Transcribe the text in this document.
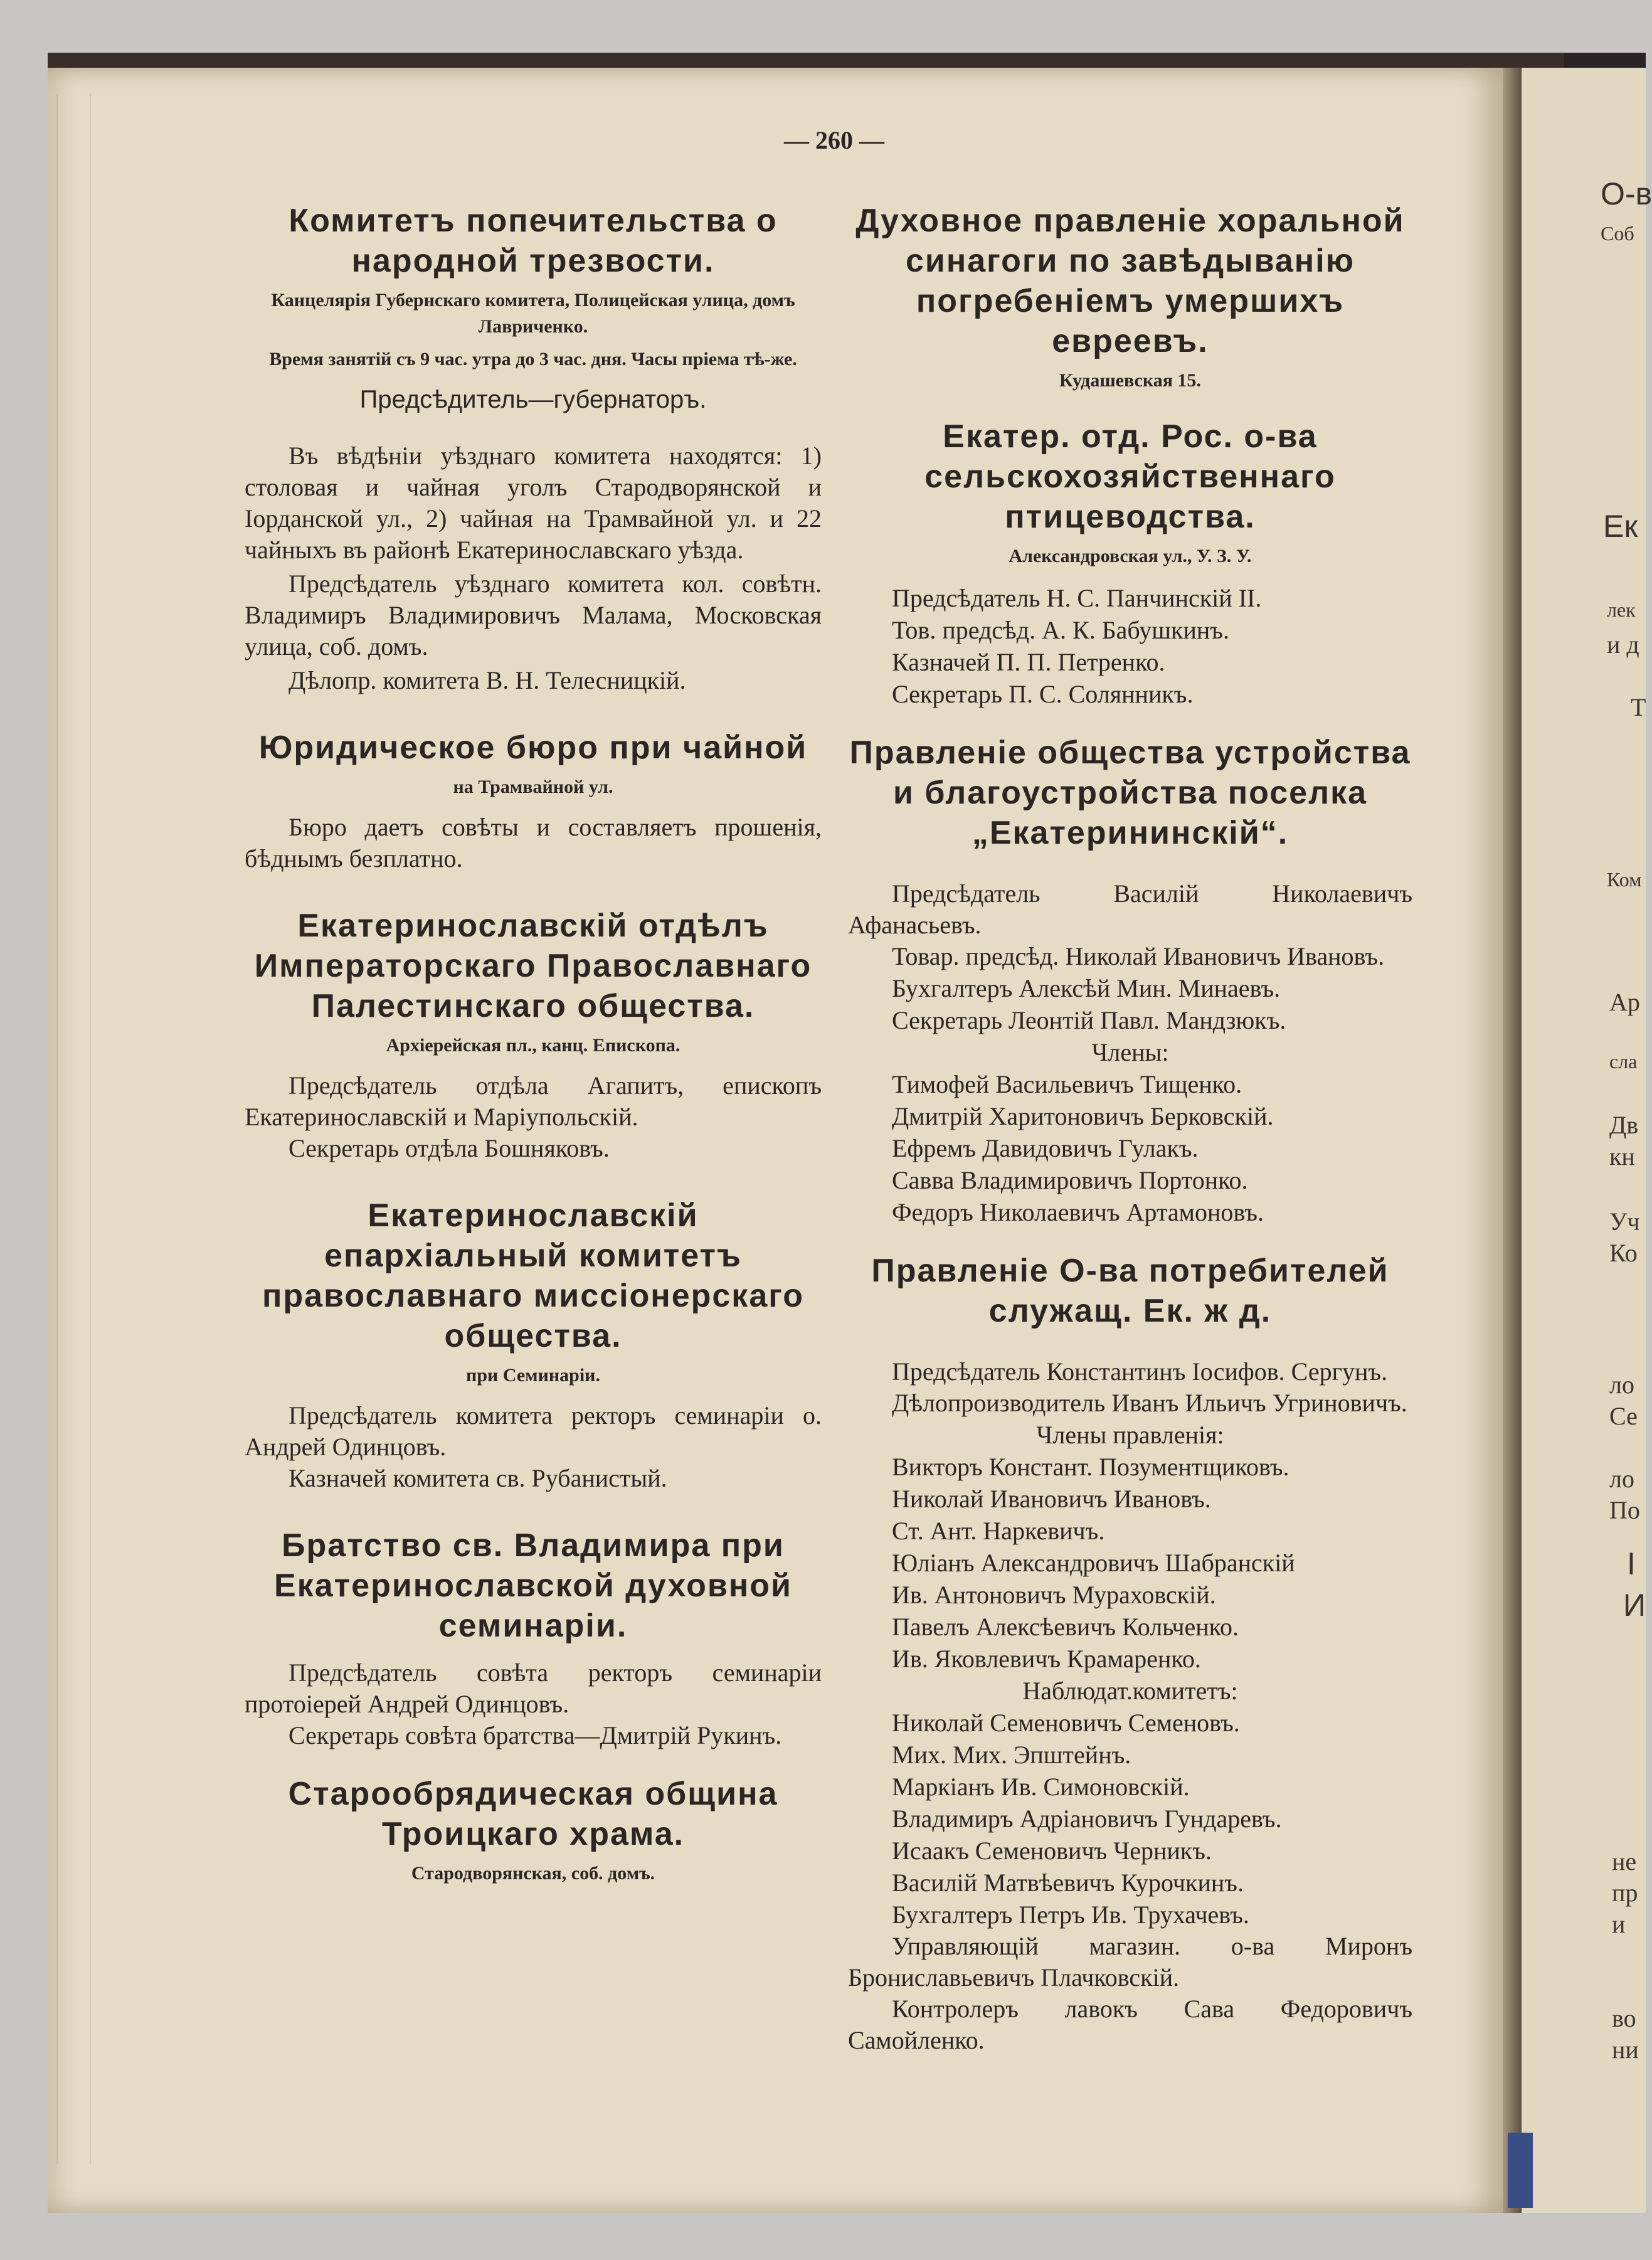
— 260 —
Комитетъ попечительства о народной трезвости.

Канцелярія Губернскаго комитета, Полицейская улица, домъ Лавриченко.

Время занятій съ 9 час. утра до 3 час. дня. Часы пріема тѣ-же.

Предсѣдитель—губернаторъ.

Въ вѣдѣніи уѣзднаго комитета находятся: 1) столовая и чайная уголъ Стародворянской и Іорданской ул., 2) чайная на Трамвайной ул. и 22 чайныхъ въ районѣ Екатеринославскаго уѣзда.

Предсѣдатель уѣзднаго комитета кол. совѣтн. Владимиръ Владимировичъ Малама, Московская улица, соб. домъ.

Дѣлопр. комитета В. Н. Телесницкій.

Юридическое бюро при чайной

на Трамвайной ул.

Бюро даетъ совѣты и составляетъ прошенія, бѣднымъ безплатно.

Екатеринославскій отдѣлъ Императорскаго Православнаго Палестинскаго общества.

Архіерейская пл., канц. Епископа.

Предсѣдатель отдѣла Агапитъ, епископъ Екатеринославскій и Маріупольскій.

Секретарь отдѣла Бошняковъ.

Екатеринославскій епархіальный комитетъ православнаго миссіонерскаго общества.

при Семинаріи.

Предсѣдатель комитета ректоръ семинаріи о. Андрей Одинцовъ.

Казначей комитета св. Рубанистый.

Братство св. Владимира при Екатеринославской духовной семинаріи.

Предсѣдатель совѣта ректоръ семинаріи протоіерей Андрей Одинцовъ.

Секретарь совѣта братства—Дмитрій Рукинъ.

Старообрядическая община Троицкаго храма.

Стародворянская, соб. домъ.

Духовное правленіе хоральной синагоги по завѣдыванію погребеніемъ умершихъ евреевъ.

Кудашевская 15.

Екатер. отд. Рос. о-ва сельскохозяйственнаго птицеводства.

Александровская ул., У. З. У.

Предсѣдатель Н. С. Панчинскій II.
Тов. предсѣд. А. К. Бабушкинъ.
Казначей П. П. Петренко.
Секретарь П. С. Солянникъ.
Правленіе общества устройства и благоустройства поселка „Екатерининскій“.

Предсѣдатель Василій Николаевичъ Афанасьевъ.

Товар. предсѣд. Николай Ивановичъ Ивановъ.

Бухгалтеръ Алексѣй Мин. Минаевъ.
Секретарь Леонтій Павл. Мандзюкъ.
Члены:
Тимофей Васильевичъ Тищенко.
Дмитрій Харитоновичъ Берковскій.
Ефремъ Давидовичъ Гулакъ.
Савва Владимировичъ Портонко.
Федоръ Николаевичъ Артамоновъ.
Правленіе О-ва потребителей служащ. Ек. ж д.

Предсѣдатель Константинъ Іосифов. Сергунъ.

Дѣлопроизводитель Иванъ Ильичъ Угриновичъ.

Члены правленія:
Викторъ Констант. Позументщиковъ.
Николай Ивановичъ Ивановъ.
Ст. Ант. Наркевичъ.
Юліанъ Александровичъ Шабранскій
Ив. Антоновичъ Мураховскій.
Павелъ Алексѣевичъ Кольченко.
Ив. Яковлевичъ Крамаренко.
Наблюдат.комитетъ:
Николай Семеновичъ Семеновъ.
Мих. Мих. Эпштейнъ.
Маркіанъ Ив. Симоновскій.
Владимиръ Адріановичъ Гундаревъ.
Исаакъ Семеновичъ Черникъ.
Василій Матвѣевичъ Курочкинъ.
Бухгалтеръ Петръ Ив. Трухачевъ.

Управляющій магазин. о-ва Миронъ Брониславьевичъ Плачковскій.

Контролеръ лавокъ Сава Федоровичъ Самойленко.

О-в
Соб
Ек
лек
и д
Т
Ком
Ар
сла
Дв
кн
Уч
Ко
ло
Се
ло
По
І
И
не
пр
и
во
ни
